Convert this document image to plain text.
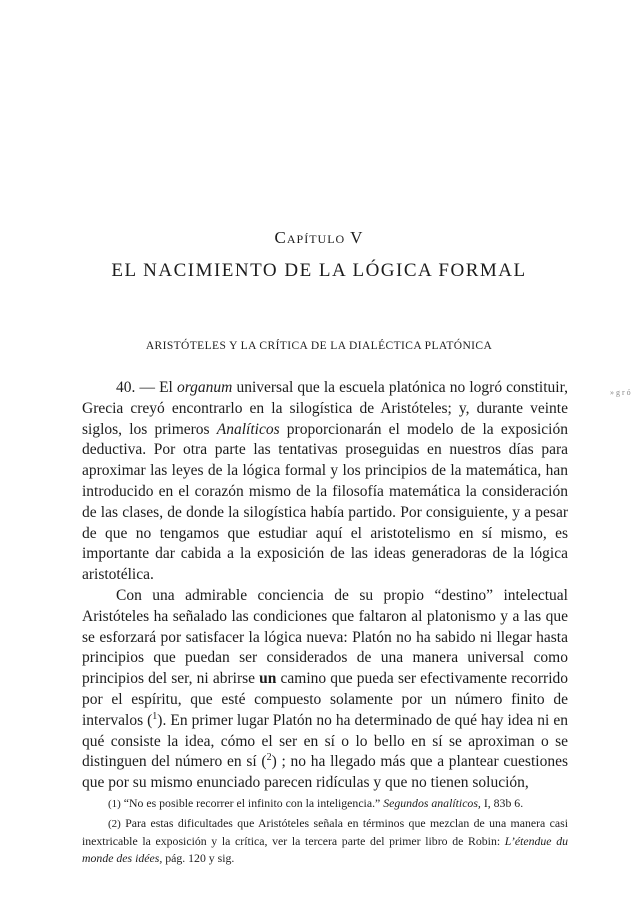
Capítulo V
EL NACIMIENTO DE LA LÓGICA FORMAL
ARISTÓTELES Y LA CRÍTICA DE LA DIALÉCTICA PLATÓNICA
»gró

40. — El organum universal que la escuela platónica no logró constituir, Grecia creyó encontrarlo en la silogística de Aristóteles; y, durante veinte siglos, los primeros Analíticos proporcionarán el modelo de la exposición deductiva. Por otra parte las tentativas proseguidas en nuestros días para aproximar las leyes de la lógica formal y los principios de la matemática, han introducido en el corazón mismo de la filosofía matemática la consideración de las clases, de donde la silogística había partido. Por consiguiente, y a pesar de que no tengamos que estudiar aquí el aristotelismo en sí mismo, es importante dar cabida a la exposición de las ideas generadoras de la lógica aristotélica.

Con una admirable conciencia de su propio “destino” intelectual Aristóteles ha señalado las condiciones que faltaron al platonismo y a las que se esforzará por satisfacer la lógica nueva: Platón no ha sabido ni llegar hasta principios que puedan ser considerados de una manera universal como principios del ser, ni abrirse un camino que pueda ser efectivamente recorrido por el espíritu, que esté compuesto solamente por un número finito de intervalos ($^1$). En primer lugar Platón no ha determinado de qué hay idea ni en qué consiste la idea, cómo el ser en sí o lo bello en sí se aproximan o se distinguen del número en sí ($^2$) ; no ha llegado más que a plantear cuestiones que por su mismo enunciado parecen ridículas y que no tienen solución,

(1) “No es posible recorrer el infinito con la inteligencia.” Segundos analíticos, I, 83b 6.

(2) Para estas dificultades que Aristóteles señala en términos que mezclan de una manera casi inextricable la exposición y la crítica, ver la tercera parte del primer libro de Robin: L’étendue du monde des idées, pág. 120 y sig.
